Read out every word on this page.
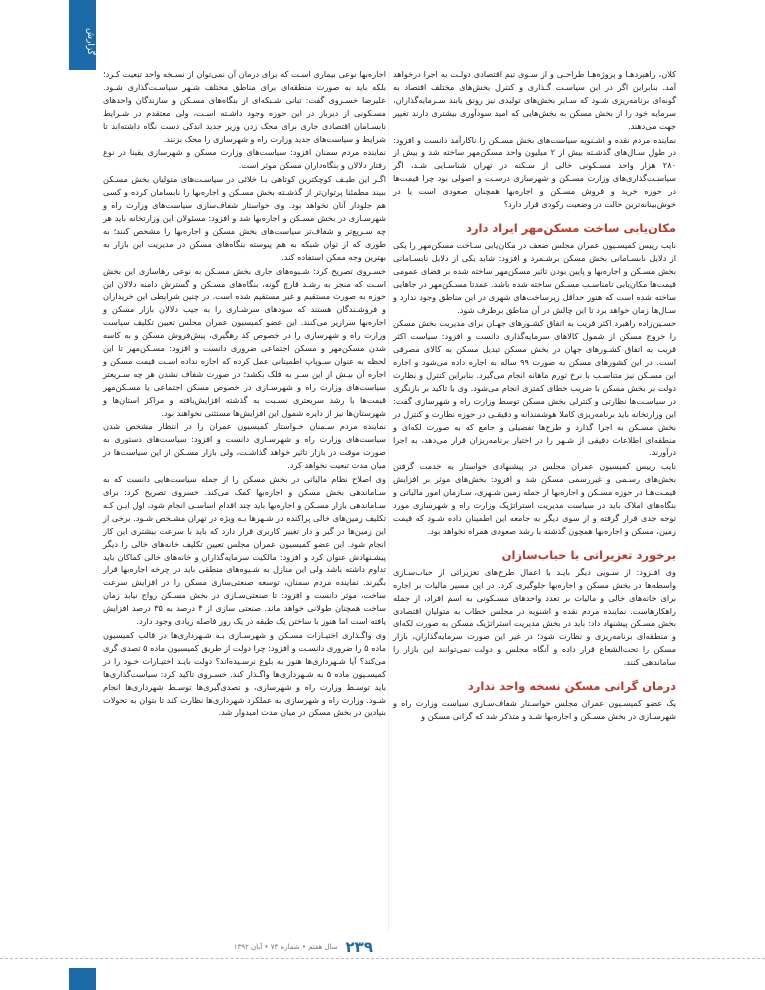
گزارش

کلان، راهبردهـا و پروژه‌هـا طراحـی و از سـوی تیم اقتصادی دولـت به اجرا درخواهد آمد. بنابراین اگر در این سیاسـت گـذاری و کنترل بخش‌های مختلف اقتصاد به گونه‌ای برنامه‌ریزی شـود که سـایر بخش‌های تولیدی نیز رونق یابند سـرمایه‌گذاران، سرمایه خود را از بخش مسکن به بخش‌هایی که امید سودآوری بیشتری دارند تغییر جهت می‌دهند.

نماینده مردم نقده و اشـنویه سیاست‌های بخش مسـکن را ناکارآمد دانست و افزود: در طول سـال‌های گذشـته بیش از ۲ میلیون واحد مسکن‌مهر ساخته شد و بیش از ۲۸۰ هزار واحد مسـکونی خالی از سـکنه در تهران شناسـایی شـد، اگر سیاسـت‌گذاری‌های وزارت مسـکن و شهرسازی درسـت و اصولی بود چرا قیمت‌ها در حوزه خرید و فروش مسـکن و اجاره‌بها همچنان صعودی است یا در خوش‌بینانه‌ترین حالت در وضعیت رکودی قرار دارد؟

مکان‌یابی ساخت مسکن‌مهر ایراد دارد

نایب رییس کمیسـیون عمران مجلس ضعف در مکان‌یابی سـاخت مسکن‌مهر را یکی از دلایل نابسـامانی بخش مسکن برشـمرد و افزود: شاید یکی از دلایل نابسـامانی بخش مسـکن و اجاره‌بها و پایین بودن تاثیر مسکن‌مهر ساخته شده بر فضای عمومی قیمت‌ها مکان‌یابی نامناسـب مسـکن ساخته شده باشد. عمدتا مسـکن‌مهر در جاهایی ساخته شده است که هنوز حداقل زیرساخت‌های شهری در این مناطق وجود ندارد و سـال‌ها زمان خواهد برد تا این چالش در آن مناطق برطرف شود.

حسـین‌زاده راهبرد اکثر قریب به اتفاق کشـورهای جهـان برای مدیریت بخش مسکن را خروج مسکن از شمول کالاهای سرمایه‌گذاری دانست و افزود: سیاست اکثر قریب به اتفاق کشـورهای جهان در بخش مسکن تبدیل مسکن به کالای مصرفی است. در این کشورهای مسکن به صورت ۹۹ ساله به اجاره داده می‌شود و اجاره این مسـکن نیز متناسـب با نرخ تورم ماهانه انجام می‌گیرد. بنابراین کنترل و نظارت دولت بر بخش مسکن با ضریب خطای کمتری انجام می‌شود. وی با تاکید بر بازنگری در سیاسـت‌ها نظارتی و کنترلی بخش مسکن توسط وزارت راه و شهرسازی گفت: این وزارتخانه باید برنامه‌ریزی کاملا هوشمندانه و دقیقـی در حوزه نظارت و کنترل در بخش مسـکن به اجرا گذارد و طرح‌ها تفصیلی و جامع که به صورت لکه‌ای و منطقه‌ای اطلاعات دقیقی از شـهر را در اختیار برنامه‌ریزان قرار می‌دهد، به اجرا درآورند.

نایب رییس کمیسیون عمران مجلس در پیشنهادی خواستار به خدمت گرفتن بخش‌های رسـمی و غیررسمی مسکن شد و افزود: بخش‌های موثر بر افزایش قیمـت‌هـا در حوزه مسـکن و اجاره‌بها از جمله زمین شـهری، سـازمان امور مالیاتی و بنگاه‌های املاک باید در سیاست مدیریت استراتژیک وزارت راه و شهرسازی مورد توجه جدی قرار گرفته و از سوی دیگر به جامعه این اطمینان داده شـود که قیمت زمین، مسکن و اجاره‌بها همچون گذشته با رشد صعودی همراه نخواهد بود.

برخورد تعزیراتی با حباب‌سازان

وی افـزود: از سـویی دیگر بایـد با اعمال طرح‌های تعزیراتی از حباب‌سـازی واسطه‌ها در بخش مسکن و اجاره‌بها جلوگیری کرد. در این مسیر مالیات بر اجاره برای خانه‌های خالی و مالیات بر تعدد واحدهای مسـکونی به اسم افراد، از جمله راهکارهاست. نماینده مردم نقده و اشنویه در مجلس خطاب به متولیان اقتصادی بخش مسـکن پیشنهاد داد: باید در بخش مدیریت استراتژیک مسکن به صورت لکه‌ای و منطقه‌ای برنامه‌ریزی و نظارت شود؛ در غیر این صورت سرمایه‌گذاران، بازار مسکن را تحت‌الشعاع قرار داده و آنگاه مجلس و دولت نمی‌توانند این بازار را ساماندهی کنند.

درمان گرانی مسکن نسخه واحد ندارد

یک عضو کمیسـیون عمران مجلس خواسـتار شفاف‌سـازی سیاست وزارت راه و شهرسـازی در بخش مسـکن و اجاره‌بها شـد و متذکر شد که گرانی مسکن و

اجاره‌بها نوعی بیماری اسـت که برای درمان آن نمی‌توان از نسـخه واحد تبعیت کـرد؛ بلکه باید به صورت منطقه‌ای برای مناطق مختلف شـهر سیاسـت‌گذاری شـود. علیرضا خسـروی گفت: تبانی شـبکه‌ای از بنگاه‌های مسـکن و سازندگان واحدهای مسـکونی از دیرباز در این حوزه وجود داشـته اسـت، ولی معتقدم در شـرایط نابسـامان اقتصادی جاری برای محک زدن وزیر جدید اندکی دست نگاه داشته‌اند تا شرایط و سیاست‌های جدید وزارت راه و شهرسازی را محک بزنند.

نماینده مردم سمنان افزود: سیاست‌های وزارت مسکن و شهرسازی یقینا در نوع رفتار دلالان و بنگاه‌داران مسکن موثر است.

اگـر این طیـف کوچکترین کوتاهی یـا خلائی در سیاسـت‌های متولیان بخش مسـکن ببیند مطمئنا پرتوان‌تر از گذشـته بخش مسـکن و اجاره‌بها را نابسامان کرده و کسی هم جلودار آنان نخواهد بود. وی خواستار شفاف‌سازی سیاست‌های وزارت راه و شهرسـازی در بخش مسـکن و اجاره‌بها شد و افزود: مسئولان این وزارتخانه باید هر چه سـریع‌تر و شفاف‌تر سیاست‌های بخش مسکن و اجاره‌بها را مشخص کنند؛ به طوری که از توان شبکه به هم پیوسته بنگاه‌های مسکن در مدیریت این بازار به بهترین وجه ممکن استفاده کند.

خسـروی تصریح کرد: شـیوه‌های جاری بخش مسـکن به نوعی رهاسازی این بخش اسـت که منجر به رشـد قارچ گونه، بنگاه‌های مسـکن و گسترش دامنه دلالان این حوزه به صورت مستقیم و غیر مستقیم شده است. در چنین شرایطی این خریداران و فروشـندگان هستند که سودهای سرشـاری را به جیب دلالان بازار مسکن و اجاره‌بها سرازیر می‌کنند. این عضو کمیسیون عمران مجلس تعیین تکلیف سیاست وزارت راه و شهرسازی را در خصوص کد رهگیری، پیش‌فروش مسکن و به کاسه شدن مسکن‌مهر و مسکن اجتماعی ضروری دانست و افزود: مسـکن‌مهر تا این لحظه به عنوان سـوپاپ اطمینانی عمل کرده که اجازه نداده اسـت قیمت مسکن و اجاره آن بیـش از این سـر به فلک بکشد؛ در صورت شفاف نشدن هر چه سـریعتر سیاست‌های وزارت راه و شهرسـازی در خصوص مسکن اجتماعی یا مسـکن‌مهر قیمت‌ها با رشد سریعتری نسـبت به گذشته افزایش‌یافته و مراکز استان‌ها و شهرستان‌ها نیز از دایره شمول این افزایش‌ها مستثنی نخواهند بود.

نماینده مردم سـمنان خـواستار کمیسیون عمران را در انتظار مشخص شدن سیاست‌های وزارت راه و شهرسـازی دانست و افزود: سیاست‌های دستوری به صورت موقت در بازار تاثیر خواهد گذاشـت، ولی بازار مسـکن از این سیاست‌ها در میان مدت تبعیت نخواهد کرد.

وی اصلاح نظام مالیاتی در بخش مسکن را از جمله سیاست‌هایی دانست که به سـاماندهی بخش مسکن و اجاره‌بها کمک می‌کند. خسروی تصریح کرد: برای سـاماندهی بازار مسـکن و اجاره‌بها باید چند اقدام اساسـی انجام شود، اول ایـن کـه تکلیف زمین‌های خالی پراکنده در شـهرها بـه ویژه در تهران مشـخص شـود. برخی از این زمین‌ها در گیر و دار تغییر کاربری قرار دارد که باید با سرعت بیشتری این کار انجام شود. این عضو کمیسیون عمران مجلس تعیین تکلیف خانه‌های خالی را دیگر پیشـنهادش عنوان کرد و افزود: مالکیت سرمایه‌گذاران و خانه‌های خالی کماکان باید تداوم داشته باشد ولی این منازل به شـیوه‌های منطقی باید در چرخه اجاره‌بها قرار بگیرند. نماینده مردم سمنان، توسعه صنعتی‌سازی مسکن را در افزایش سرعت ساخت، موثر دانست و افزود: تا صنعتی‌سـازی در بخش مسـکن رواج نیابد زمان ساخت همچنان طولانی خواهد ماند. صنعتی سازی از ۴ درصد به ۳۵ درصد افزایش یافته است اما هنوز با ساختن یک طبقه در یک روز فاصله زیادی وجود دارد.

وی واگـذاری اختیـارات مسـکن و شهرسـازی بـه شـهرداری‌ها در قالب کمیسیون ماده ۵ را ضروری دانسـت و افزود: چرا دولت از طریق کمیسیون ماده ۵ تصدی گری می‌کند؟ آیا شـهرداری‌ها هنوز به بلوغ نرسـیده‌اند؟ دولت بایـد اختیـارات خـود را در کمیسـیون ماده ۵ به شـهرداری‌ها واگـذار کند. خسـروی تاکید کرد: سیاست‌گذاری‌ها باید توسـط وزارت راه و شهرسازی، و تصدی‌گیری‌ها توسـط شهرداری‌ها انجام شـود. وزارت راه و شهرسازی به عملکرد شهرداری‌ها نظارت کند تا بتوان به تحولات بنیادین در بخش مسکن در میان مدت امیدوار شد.

۲۳۹
سال هفتم • شماره ۷۳ • آبان ۱۳۹۲
